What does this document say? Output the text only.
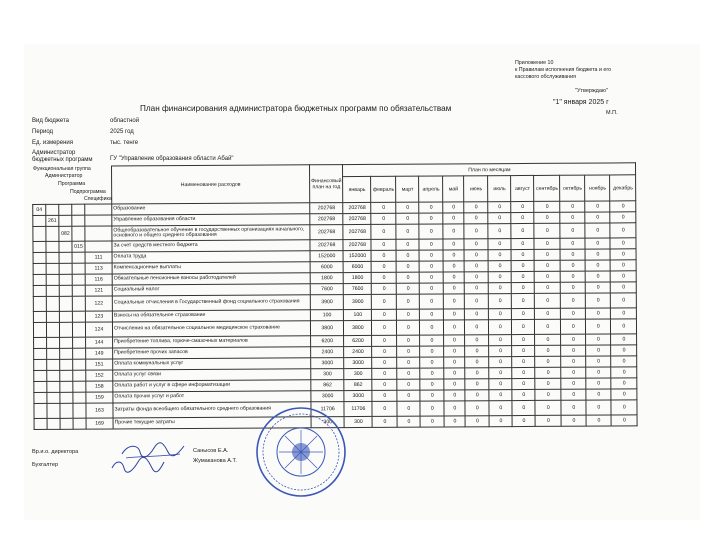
Приложение 10
к Правилам исполнения бюджета и его
кассового обслуживания
"Утверждаю"
"1" января 2025 г
М.П.
План финансирования администратора бюджетных программ по обязательствам
Вид бюджета	областной
Период	2025 год
Ед. измерения	тыс. тенге
Администратор
бюджетных программ	ГУ "Управление образования области Абай"
Функциональная группа
Администратор
Программа
Подпрограмма
Специфика
					Наименование расходов	Финансовый план на год	План по месяцам											
							январь	февраль	март	апрель	май	июнь	июль	август	сентябрь	октябрь	ноябрь	декабрь
04					Образование	202768	202768	0	0	0	0	0	0	0	0	0	0	0
	261				Управление образования области	202768	202768	0	0	0	0	0	0	0	0	0	0	0
		082			Общеобразовательное обучение в государственных организациях начального, основного и общего среднего образования	202768	202768	0	0	0	0	0	0	0	0	0	0	0
			015		За счет средств местного бюджета	202768	202768	0	0	0	0	0	0	0	0	0	0	0
				111	Оплата труда	152000	152000	0	0	0	0	0	0	0	0	0	0	0
				113	Компенсационные выплаты	6000	6000	0	0	0	0	0	0	0	0	0	0	0
				116	Обязательные пенсионные взносы работодателей	1800	1800	0	0	0	0	0	0	0	0	0	0	0
				121	Социальный налог	7600	7600	0	0	0	0	0	0	0	0	0	0	0
				122	Социальные отчисления в Государственный фонд социального страхования	3900	3900	0	0	0	0	0	0	0	0	0	0	0
				123	Взносы на обязательное страхование	100	100	0	0	0	0	0	0	0	0	0	0	0
				124	Отчисления на обязательное социальное медицинское страхование	3800	3800	0	0	0	0	0	0	0	0	0	0	0
				144	Приобретение топлива, горюче-смазочных материалов	6200	6200	0	0	0	0	0	0	0	0	0	0	0
				149	Приобретение прочих запасов	2400	2400	0	0	0	0	0	0	0	0	0	0	0
				151	Оплата коммунальных услуг	3000	3000	0	0	0	0	0	0	0	0	0	0	0
				152	Оплата услуг связи	300	300	0	0	0	0	0	0	0	0	0	0	0
				158	Оплата работ и услуг в сфере информатизации	862	862	0	0	0	0	0	0	0	0	0	0	0
				159	Оплата прочих услуг и работ	3000	3000	0	0	0	0	0	0	0	0	0	0	0
				163	Затраты фонда всеобщего обязательного среднего образования	11706	11706	0	0	0	0	0	0	0	0	0	0	0
				169	Прочие текущие затраты	300	300	0	0	0	0	0	0	0	0	0	0	0
Вр.и.о. директора
Бухгалтер
Санысов Е.А.
Жумаканова А.Т.
